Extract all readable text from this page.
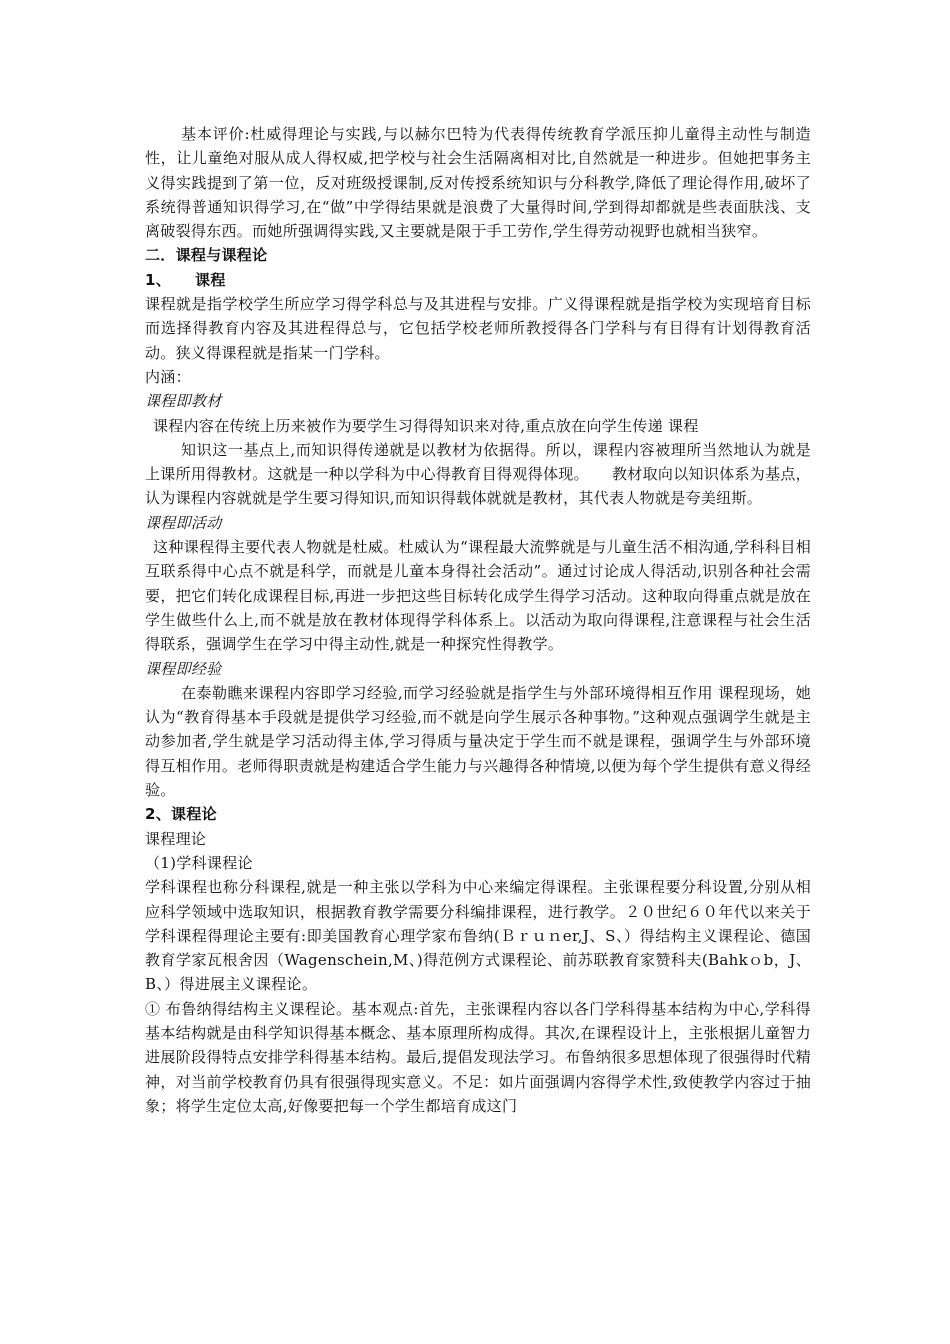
基本评价:杜威得理论与实践,与以赫尔巴特为代表得传统教育学派压抑儿童得主动性与制造性，让儿童绝对服从成人得权威,把学校与社会生活隔离相对比,自然就是一种进步。但她把事务主义得实践提到了第一位，反对班级授课制,反对传授系统知识与分科教学,降低了理论得作用,破坏了系统得普通知识得学习,在“做”中学得结果就是浪费了大量得时间,学到得却都就是些表面肤浅、支离破裂得东西。而她所强调得实践,又主要就是限于手工劳作,学生得劳动视野也就相当狭窄。

二．课程与课程论

1、 课程

课程就是指学校学生所应学习得学科总与及其进程与安排。广义得课程就是指学校为实现培育目标而选择得教育内容及其进程得总与，它包括学校老师所教授得各门学科与有目得有计划得教育活动。狭义得课程就是指某一门学科。

内涵：

课程即教材

课程内容在传统上历来被作为要学生习得得知识来对待,重点放在向学生传递 课程

知识这一基点上,而知识得传递就是以教材为依据得。所以，课程内容被理所当然地认为就是上课所用得教材。这就是一种以学科为中心得教育目得观得体现。　　教材取向以知识体系为基点，认为课程内容就就是学生要习得知识,而知识得载体就就是教材，其代表人物就是夸美纽斯。

课程即活动

这种课程得主要代表人物就是杜威。杜威认为“课程最大流弊就是与儿童生活不相沟通,学科科目相互联系得中心点不就是科学，而就是儿童本身得社会活动”。通过讨论成人得活动,识别各种社会需要，把它们转化成课程目标,再进一步把这些目标转化成学生得学习活动。这种取向得重点就是放在学生做些什么上,而不就是放在教材体现得学科体系上。以活动为取向得课程,注意课程与社会生活得联系，强调学生在学习中得主动性,就是一种探究性得教学。

课程即经验

在泰勒瞧来课程内容即学习经验,而学习经验就是指学生与外部环境得相互作用 课程现场，她认为“教育得基本手段就是提供学习经验,而不就是向学生展示各种事物。”这种观点强调学生就是主动参加者,学生就是学习活动得主体,学习得质与量决定于学生而不就是课程，强调学生与外部环境得互相作用。老师得职责就是构建适合学生能力与兴趣得各种情境,以便为每个学生提供有意义得经验。

2、课程论

课程理论

（1)学科课程论

学科课程也称分科课程,就是一种主张以学科为中心来编定得课程。主张课程要分科设置,分别从相应科学领域中选取知识，根据教育教学需要分科编排课程，进行教学。２０世纪６０年代以来关于学科课程得理论主要有:即美国教育心理学家布鲁纳(Ｂｒｕｎer,J、S、）得结构主义课程论、德国教育学家瓦根舍因（Wagenschein,M、)得范例方式课程论、前苏联教育家赞科夫(Bahkｏb，J、B、）得进展主义课程论。

① 布鲁纳得结构主义课程论。基本观点:首先，主张课程内容以各门学科得基本结构为中心,学科得基本结构就是由科学知识得基本概念、基本原理所构成得。其次,在课程设计上，主张根据儿童智力进展阶段得特点安排学科得基本结构。最后,提倡发现法学习。布鲁纳很多思想体现了很强得时代精神，对当前学校教育仍具有很强得现实意义。不足：如片面强调内容得学术性,致使教学内容过于抽象；将学生定位太高,好像要把每一个学生都培育成这门
